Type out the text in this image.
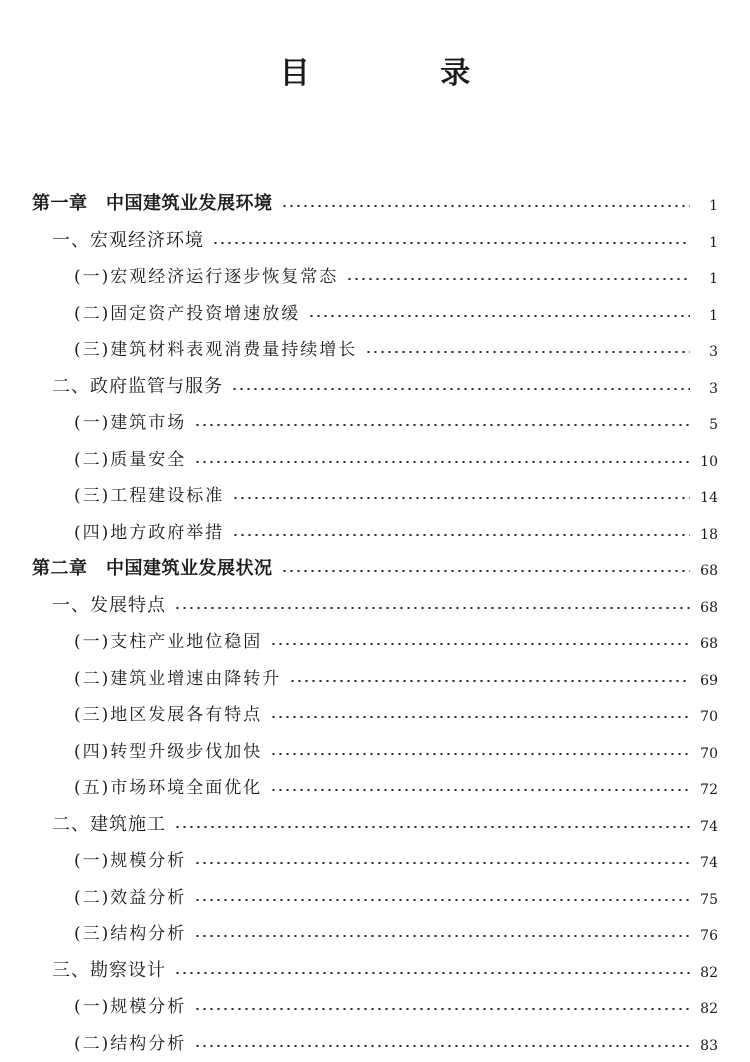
目 录
第一章　中国建筑业发展环境	1
一、宏观经济环境	1
(一)宏观经济运行逐步恢复常态	1
(二)固定资产投资增速放缓	1
(三)建筑材料表观消费量持续增长	3
二、政府监管与服务	3
(一)建筑市场	5
(二)质量安全	10
(三)工程建设标准	14
(四)地方政府举措	18
第二章　中国建筑业发展状况	68
一、发展特点	68
(一)支柱产业地位稳固	68
(二)建筑业增速由降转升	69
(三)地区发展各有特点	70
(四)转型升级步伐加快	70
(五)市场环境全面优化	72
二、建筑施工	74
(一)规模分析	74
(二)效益分析	75
(三)结构分析	76
三、勘察设计	82
(一)规模分析	82
(二)结构分析	83
